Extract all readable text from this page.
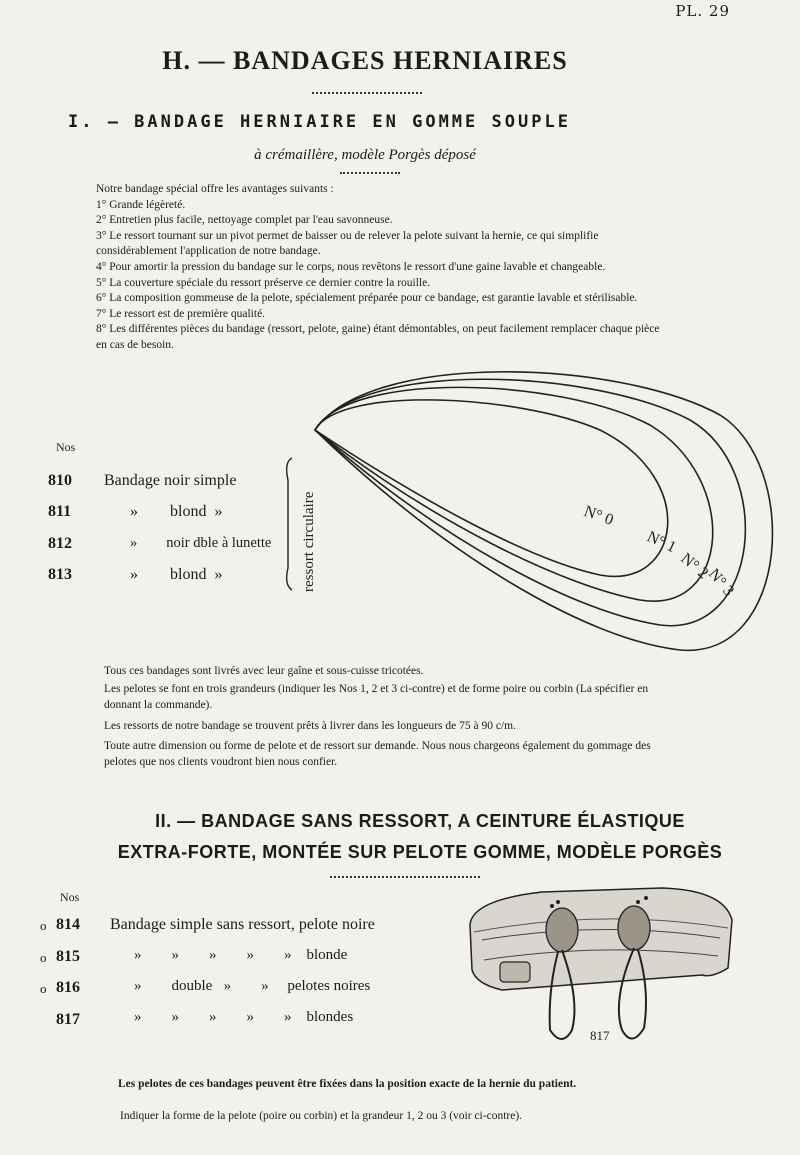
PL. 29
H. — BANDAGES HERNIAIRES
I. — BANDAGE HERNIAIRE EN GOMME SOUPLE
à crémaillère, modèle Porgès déposé

Notre bandage spécial offre les avantages suivants :

1° Grande légèreté.

2° Entretien plus facile, nettoyage complet par l'eau savonneuse.

3° Le ressort tournant sur un pivot permet de baisser ou de relever la pelote suivant la hernie, ce qui simplifie considérablement l'application de notre bandage.

4° Pour amortir la pression du bandage sur le corps, nous revêtons le ressort d'une gaine lavable et changeable.

5° La couverture spéciale du ressort préserve ce dernier contre la rouille.

6° La composition gommeuse de la pelote, spécialement préparée pour ce bandage, est garantie lavable et stérilisable.

7° Le ressort est de première qualité.

8° Les différentes pièces du bandage (ressort, pelote, gaine) étant démontables, on peut facilement remplacer chaque pièce en cas de besoin.

Nos
810 Bandage noir simple
811	»        blond  »
812	»        noir dble à lunette
813	»        blond  »	ressort circulaire	N° 0
N° 1
N° 2
N° 3
Tous ces bandages sont livrés avec leur gaîne et sous-cuisse tricotées.
Les pelotes se font en trois grandeurs (indiquer les Nos 1, 2 et 3 ci-contre) et de forme poire ou corbin (La spécifier en donnant la commande).
Les ressorts de notre bandage se trouvent prêts à livrer dans les longueurs de 75 à 90 c/m.
Toute autre dimension ou forme de pelote et de ressort sur demande. Nous nous chargeons également du gommage des pelotes que nos clients voudront bien nous confier.
II. — BANDAGE SANS RESSORT, A CEINTURE ÉLASTIQUE
EXTRA-FORTE, MONTÉE SUR PELOTE GOMME, MODÈLE PORGÈS
Nos
o 814 Bandage simple sans ressort, pelote noire
o 815	»        »        »        »        »    blonde
o 816	»        double   »        »     pelotes noires
817	»        »        »        »        »    blondes
817
Les pelotes de ces bandages peuvent être fixées dans la position exacte de la hernie du patient.
Indiquer la forme de la pelote (poire ou corbin) et la grandeur 1, 2 ou 3 (voir ci-contre).
